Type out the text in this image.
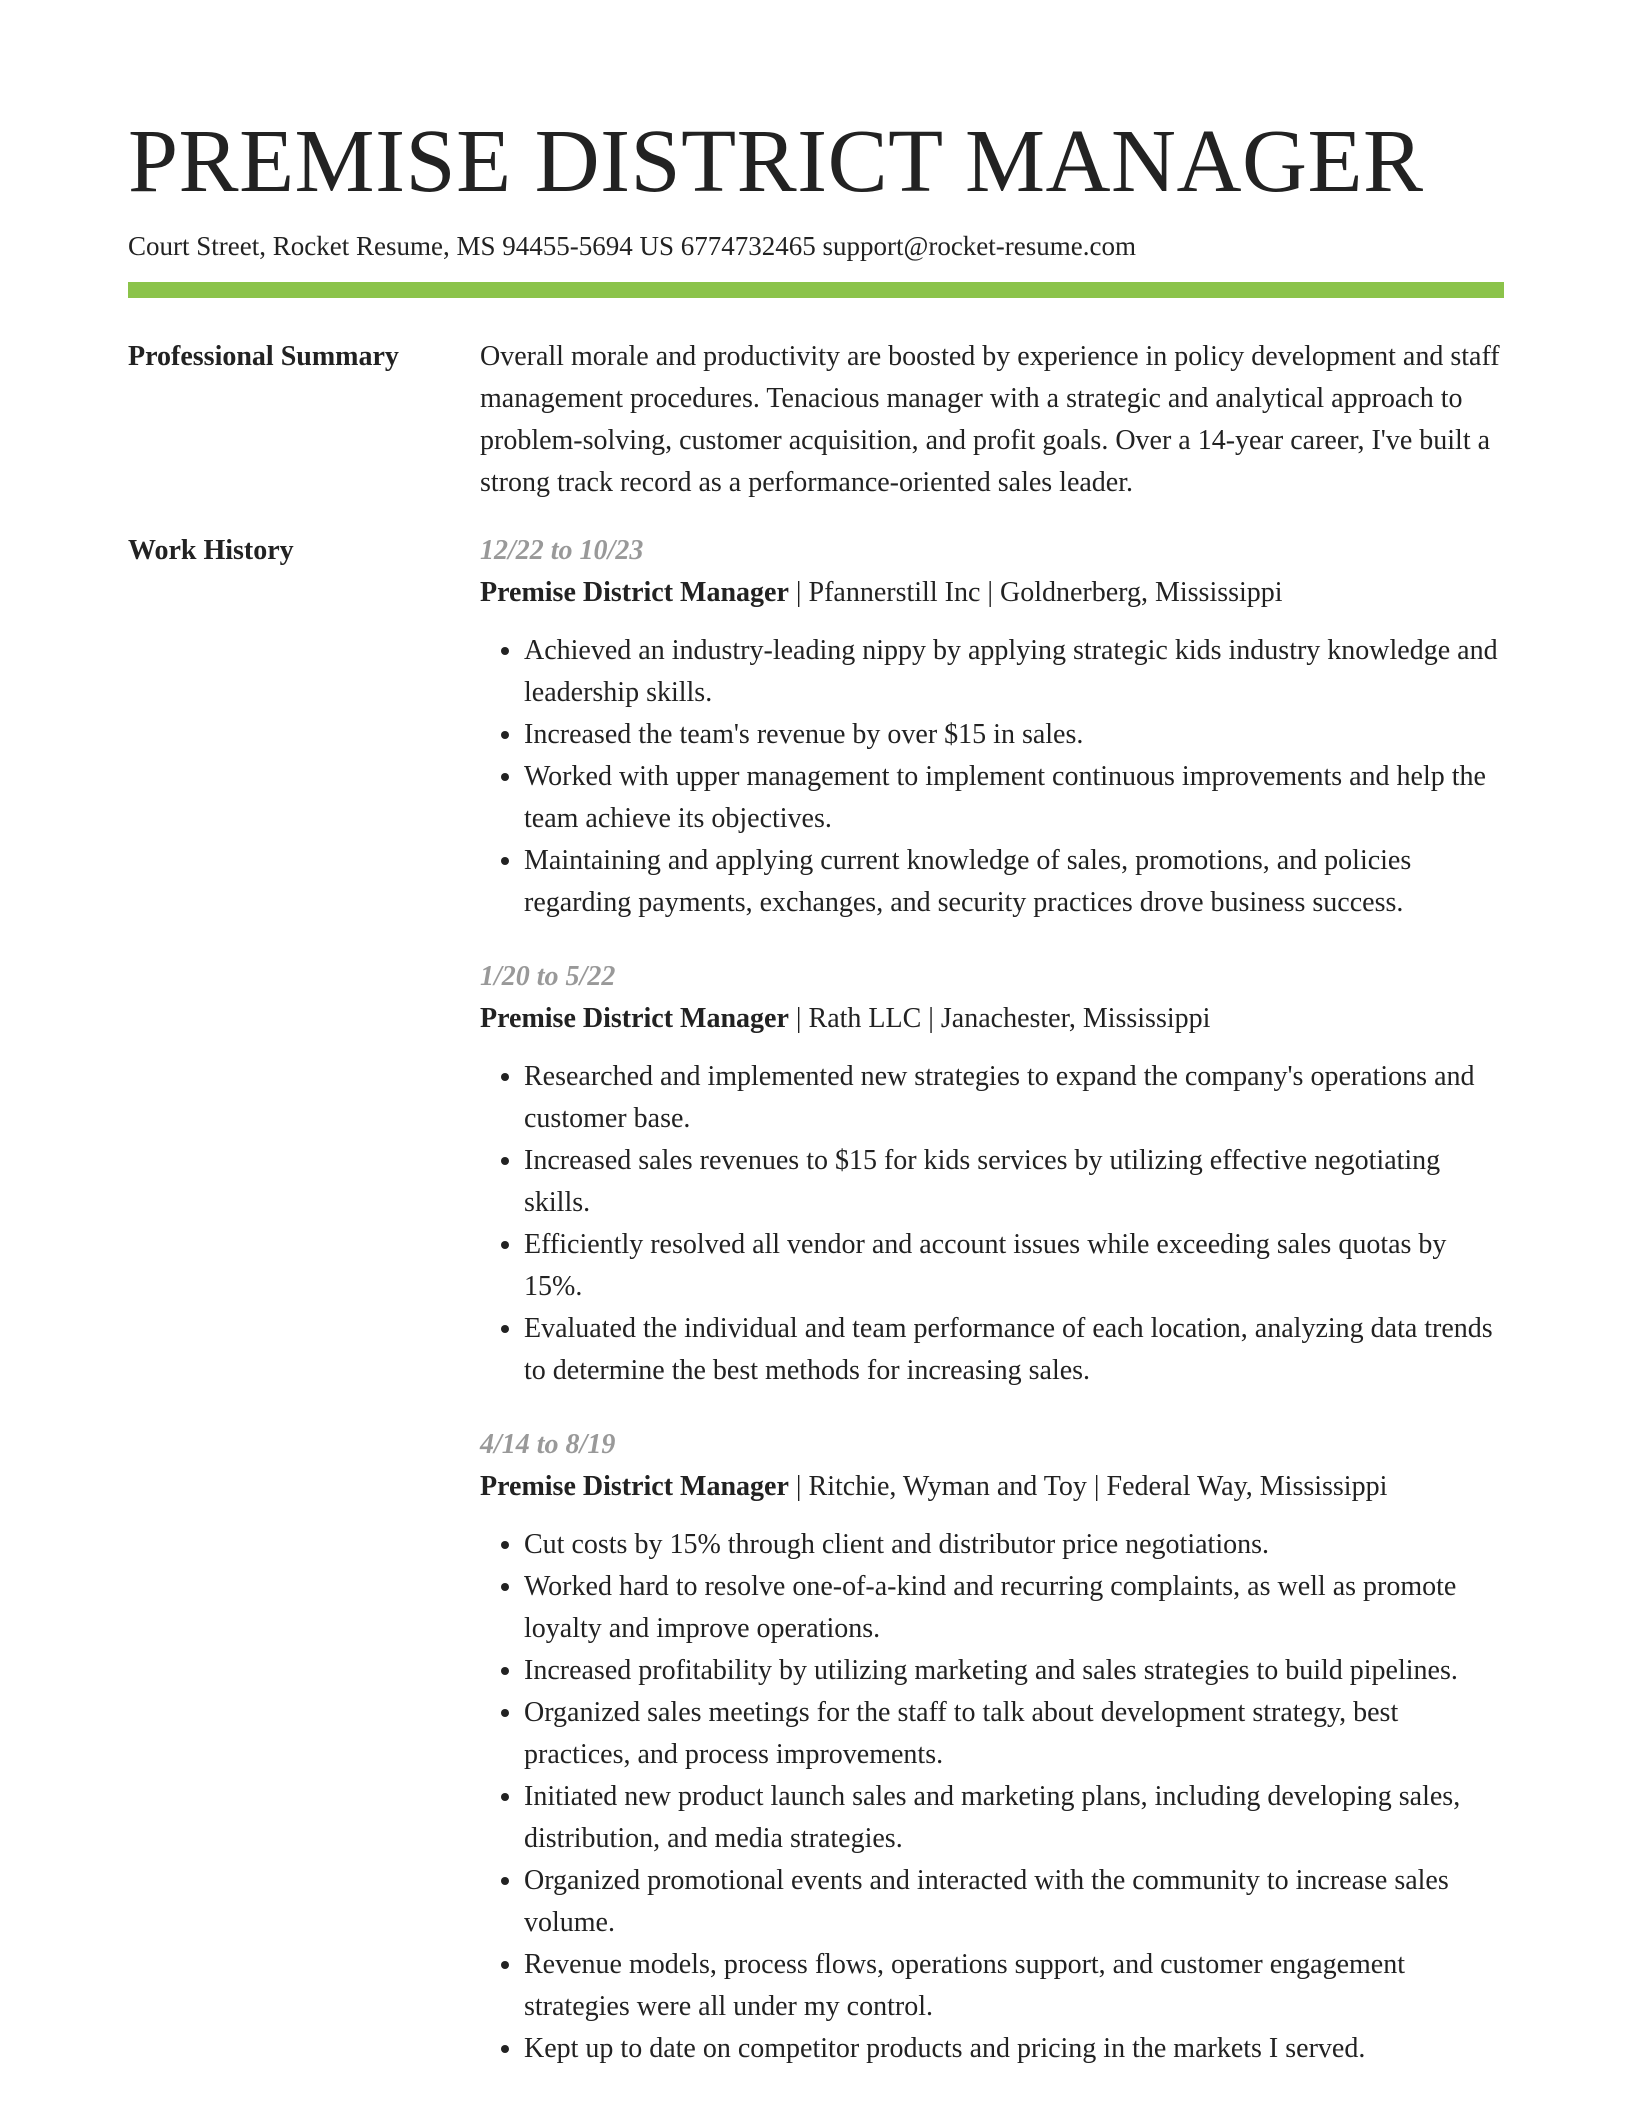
PREMISE DISTRICT MANAGER
Court Street, Rocket Resume, MS 94455-5694 US 6774732465 support@rocket-resume.com
Professional Summary	Overall morale and productivity are boosted by experience in policy development and staff management procedures. Tenacious manager with a strategic and analytical approach to problem-solving, customer acquisition, and profit goals. Over a 14-year career, I've built a strong track record as a performance-oriented sales leader.
Work History	12/22 to 10/23
Premise District Manager | Pfannerstill Inc | Goldnerberg, Mississippi
• Achieved an industry-leading nippy by applying strategic kids industry knowledge and leadership skills.
• Increased the team's revenue by over $15 in sales.
• Worked with upper management to implement continuous improvements and help the team achieve its objectives.
• Maintaining and applying current knowledge of sales, promotions, and policies regarding payments, exchanges, and security practices drove business success.
1/20 to 5/22
Premise District Manager | Rath LLC | Janachester, Mississippi
• Researched and implemented new strategies to expand the company's operations and customer base.
• Increased sales revenues to $15 for kids services by utilizing effective negotiating skills.
• Efficiently resolved all vendor and account issues while exceeding sales quotas by 15%.
• Evaluated the individual and team performance of each location, analyzing data trends to determine the best methods for increasing sales.
4/14 to 8/19
Premise District Manager | Ritchie, Wyman and Toy | Federal Way, Mississippi
• Cut costs by 15% through client and distributor price negotiations.
• Worked hard to resolve one-of-a-kind and recurring complaints, as well as promote loyalty and improve operations.
• Increased profitability by utilizing marketing and sales strategies to build pipelines.
• Organized sales meetings for the staff to talk about development strategy, best practices, and process improvements.
• Initiated new product launch sales and marketing plans, including developing sales, distribution, and media strategies.
• Organized promotional events and interacted with the community to increase sales volume.
• Revenue models, process flows, operations support, and customer engagement strategies were all under my control.
• Kept up to date on competitor products and pricing in the markets I served.
